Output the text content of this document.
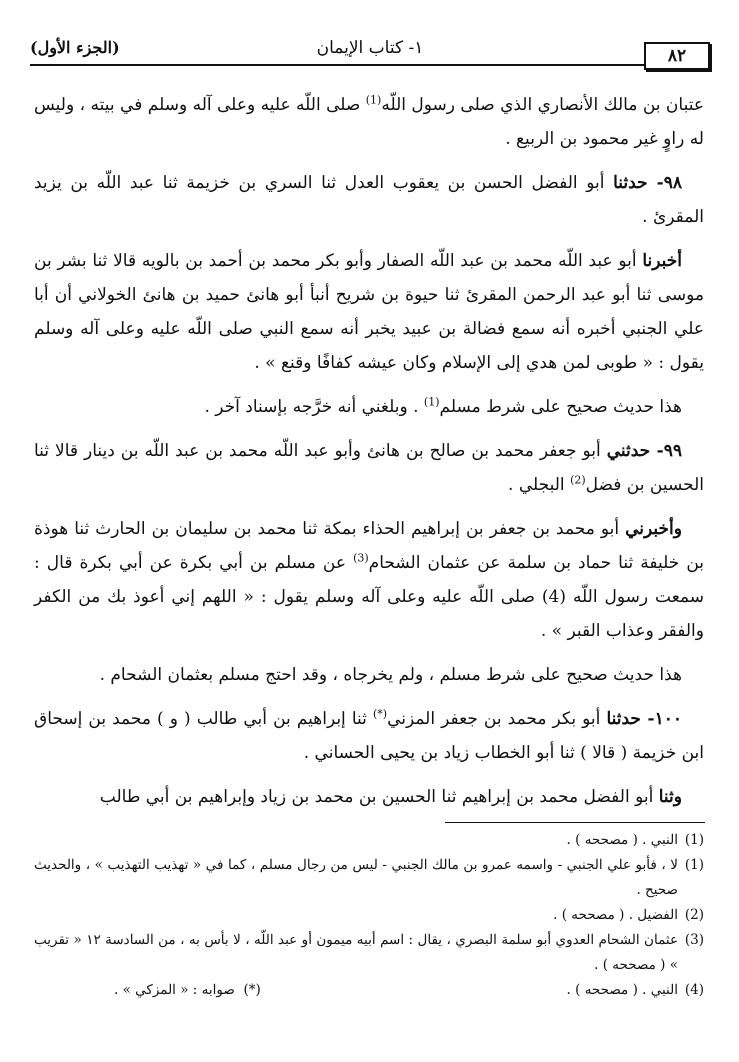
٨٢
١- كتاب الإيمان
(الجزء الأول)

عتبان بن مالك الأنصاري الذي صلى رسول اللّه$^{(1)}$ صلى اللّه عليه وعلى آله وسلم في بيته ، وليس له راوٍ غير محمود بن الربيع .

٩٨- حدثنا أبو الفضل الحسن بن يعقوب العدل ثنا السري بن خزيمة ثنا عبد اللّه بن يزيد المقرئ .

أخبرنا أبو عبد اللّه محمد بن عبد اللّه الصفار وأبو بكر محمد بن أحمد بن بالويه قالا ثنا بشر بن موسى ثنا أبو عبد الرحمن المقرئ ثنا حيوة بن شريح أنبأ أبو هانئ حميد بن هانئ الخولاني أن أبا علي الجنبي أخبره أنه سمع فضالة بن عبيد يخبر أنه سمع النبي صلى اللّه عليه وعلى آله وسلم يقول : « طوبى لمن هدي إلى الإسلام وكان عيشه كفافًا وقنع » .

هذا حديث صحيح على شرط مسلم$^{(1)}$ . وبلغني أنه خرَّجه بإسناد آخر .

٩٩- حدثني أبو جعفر محمد بن صالح بن هانئ وأبو عبد اللّه محمد بن عبد اللّه بن دينار قالا ثنا الحسين بن فضل$^{(2)}$ البجلي .

وأخبرني أبو محمد بن جعفر بن إبراهيم الحذاء بمكة ثنا محمد بن سليمان بن الحارث ثنا هوذة بن خليفة ثنا حماد بن سلمة عن عثمان الشحام$^{(3)}$ عن مسلم بن أبي بكرة عن أبي بكرة قال : سمعت رسول اللّه (4) صلى اللّه عليه وعلى آله وسلم يقول : « اللهم إني أعوذ بك من الكفر والفقر وعذاب القبر » .

هذا حديث صحيح على شرط مسلم ، ولم يخرجاه ، وقد احتج مسلم بعثمان الشحام .

١٠٠- حدثنا أبو بكر محمد بن جعفر المزني(*) ثنا إبراهيم بن أبي طالب ( و ) محمد بن إسحاق ابن خزيمة ( قالا ) ثنا أبو الخطاب زياد بن يحيى الحساني .

وثنا أبو الفضل محمد بن إبراهيم ثنا الحسين بن محمد بن زياد وإبراهيم بن أبي طالب

(1)
النبي . ( مصححه ) .
(1)
لا ، فأبو علي الجنبي - واسمه عمرو بن مالك الجنبي - ليس من رجال مسلم ، كما في « تهذيب التهذيب » ، والحديث صحيح .
(2)
الفضيل . ( مصححه ) .
(3)
عثمان الشحام العدوي أبو سلمة البصري ، يقال : اسم أبيه ميمون أو عبد اللّه ، لا بأس به ، من السادسة ١٢ « تقريب » ( مصححه ) .
(4)
النبي . ( مصححه ) .
(*)
صوابه : « المزكي » .
